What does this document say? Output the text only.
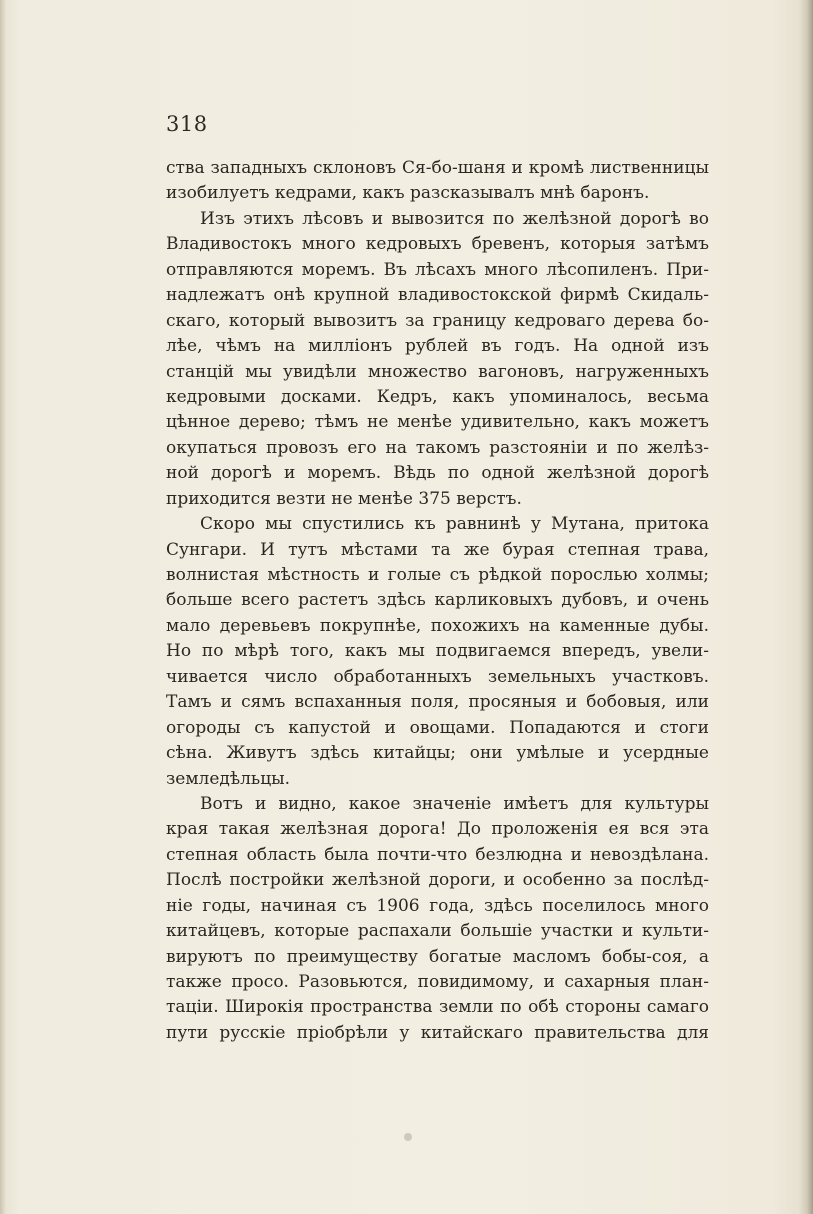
318
ства западныхъ склоновъ Ся-бо-шаня и кромѣ лиственницы
изобилуетъ кедрами, какъ разсказывалъ мнѣ баронъ.
Изъ этихъ лѣсовъ и вывозится по желѣзной дорогѣ во
Владивостокъ много кедровыхъ бревенъ, которыя затѣмъ
отправляются моремъ. Въ лѣсахъ много лѣсопиленъ. При-
надлежатъ онѣ крупной владивостокской фирмѣ Скидаль-
скаго, который вывозитъ за границу кедроваго дерева бо-
лѣе, чѣмъ на милліонъ рублей въ годъ. На одной изъ
станцій мы увидѣли множество вагоновъ, нагруженныхъ
кедровыми досками. Кедръ, какъ упоминалось, весьма
цѣнное дерево; тѣмъ не менѣе удивительно, какъ можетъ
окупаться провозъ его на такомъ разстояніи и по желѣз-
ной дорогѣ и моремъ. Вѣдь по одной желѣзной дорогѣ
приходится везти не менѣе 375 верстъ.
Скоро мы спустились къ равнинѣ у Мутана, притока
Сунгари. И тутъ мѣстами та же бурая степная трава,
волнистая мѣстность и голые съ рѣдкой порослью холмы;
больше всего растетъ здѣсь карликовыхъ дубовъ, и очень
мало деревьевъ покрупнѣе, похожихъ на каменные дубы.
Но по мѣрѣ того, какъ мы подвигаемся впередъ, увели-
чивается число обработанныхъ земельныхъ участковъ.
Тамъ и сямъ вспаханныя поля, просяныя и бобовыя, или
огороды съ капустой и овощами. Попадаются и стоги
сѣна. Живутъ здѣсь китайцы; они умѣлые и усердные
земледѣльцы.
Вотъ и видно, какое значеніе имѣетъ для культуры
края такая желѣзная дорога! До проложенія ея вся эта
степная область была почти-что безлюдна и невоздѣлана.
Послѣ постройки желѣзной дороги, и особенно за послѣд-
ніе годы, начиная съ 1906 года, здѣсь поселилось много
китайцевъ, которые распахали большіе участки и культи-
вируютъ по преимуществу богатые масломъ бобы-соя, а
также просо. Разовьются, повидимому, и сахарныя план-
таціи. Широкія пространства земли по обѣ стороны самаго
пути русскіе пріобрѣли у китайскаго правительства для
